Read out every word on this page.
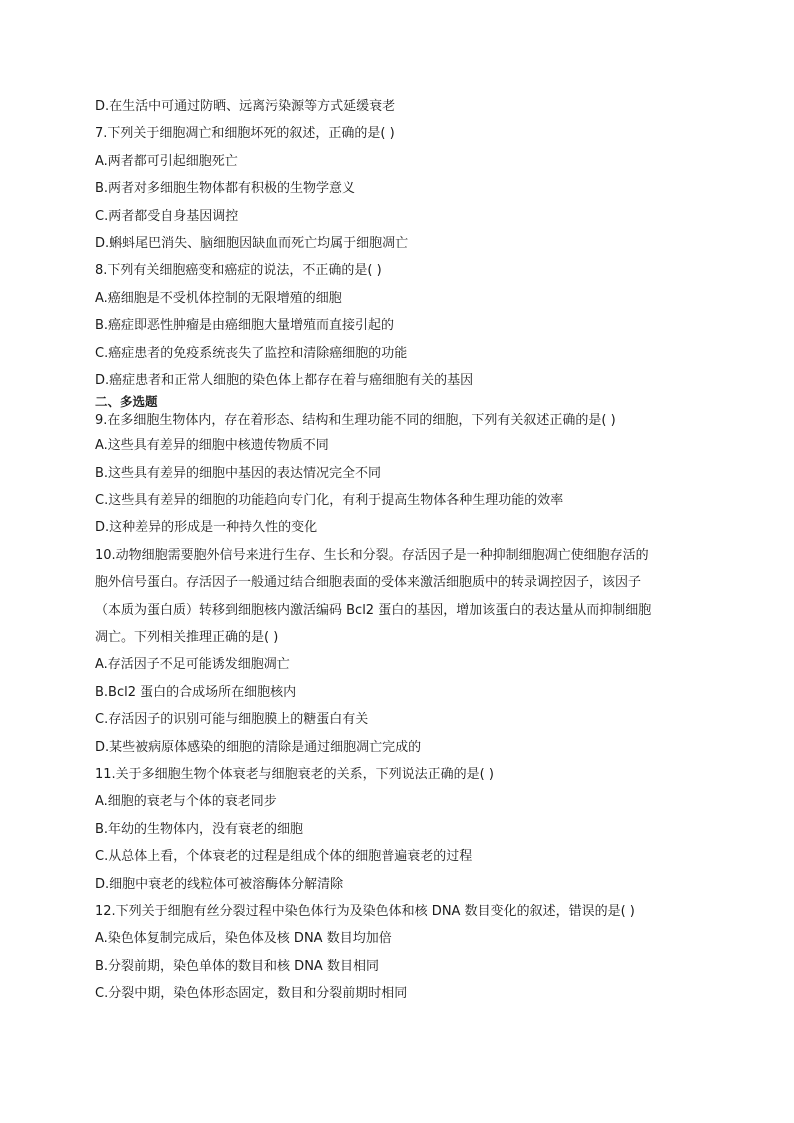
D.在生活中可通过防晒、远离污染源等方式延缓衰老
7.下列关于细胞凋亡和细胞坏死的叙述，正确的是( )
A.两者都可引起细胞死亡
B.两者对多细胞生物体都有积极的生物学意义
C.两者都受自身基因调控
D.蝌蚪尾巴消失、脑细胞因缺血而死亡均属于细胞凋亡
8.下列有关细胞癌变和癌症的说法，不正确的是( )
A.癌细胞是不受机体控制的无限增殖的细胞
B.癌症即恶性肿瘤是由癌细胞大量增殖而直接引起的
C.癌症患者的免疫系统丧失了监控和清除癌细胞的功能
D.癌症患者和正常人细胞的染色体上都存在着与癌细胞有关的基因
二、多选题
9.在多细胞生物体内，存在着形态、结构和生理功能不同的细胞，下列有关叙述正确的是( )
A.这些具有差异的细胞中核遗传物质不同
B.这些具有差异的细胞中基因的表达情况完全不同
C.这些具有差异的细胞的功能趋向专门化，有利于提高生物体各种生理功能的效率
D.这种差异的形成是一种持久性的变化
10.动物细胞需要胞外信号来进行生存、生长和分裂。存活因子是一种抑制细胞凋亡使细胞存活的
胞外信号蛋白。存活因子一般通过结合细胞表面的受体来激活细胞质中的转录调控因子，该因子
（本质为蛋白质）转移到细胞核内激活编码 Bcl2 蛋白的基因，增加该蛋白的表达量从而抑制细胞
凋亡。下列相关推理正确的是( )
A.存活因子不足可能诱发细胞凋亡
B.Bcl2 蛋白的合成场所在细胞核内
C.存活因子的识别可能与细胞膜上的糖蛋白有关
D.某些被病原体感染的细胞的清除是通过细胞凋亡完成的
11.关于多细胞生物个体衰老与细胞衰老的关系，下列说法正确的是( )
A.细胞的衰老与个体的衰老同步
B.年幼的生物体内，没有衰老的细胞
C.从总体上看，个体衰老的过程是组成个体的细胞普遍衰老的过程
D.细胞中衰老的线粒体可被溶酶体分解清除
12.下列关于细胞有丝分裂过程中染色体行为及染色体和核 DNA 数目变化的叙述，错误的是( )
A.染色体复制完成后，染色体及核 DNA 数目均加倍
B.分裂前期，染色单体的数目和核 DNA 数目相同
C.分裂中期，染色体形态固定，数目和分裂前期时相同
